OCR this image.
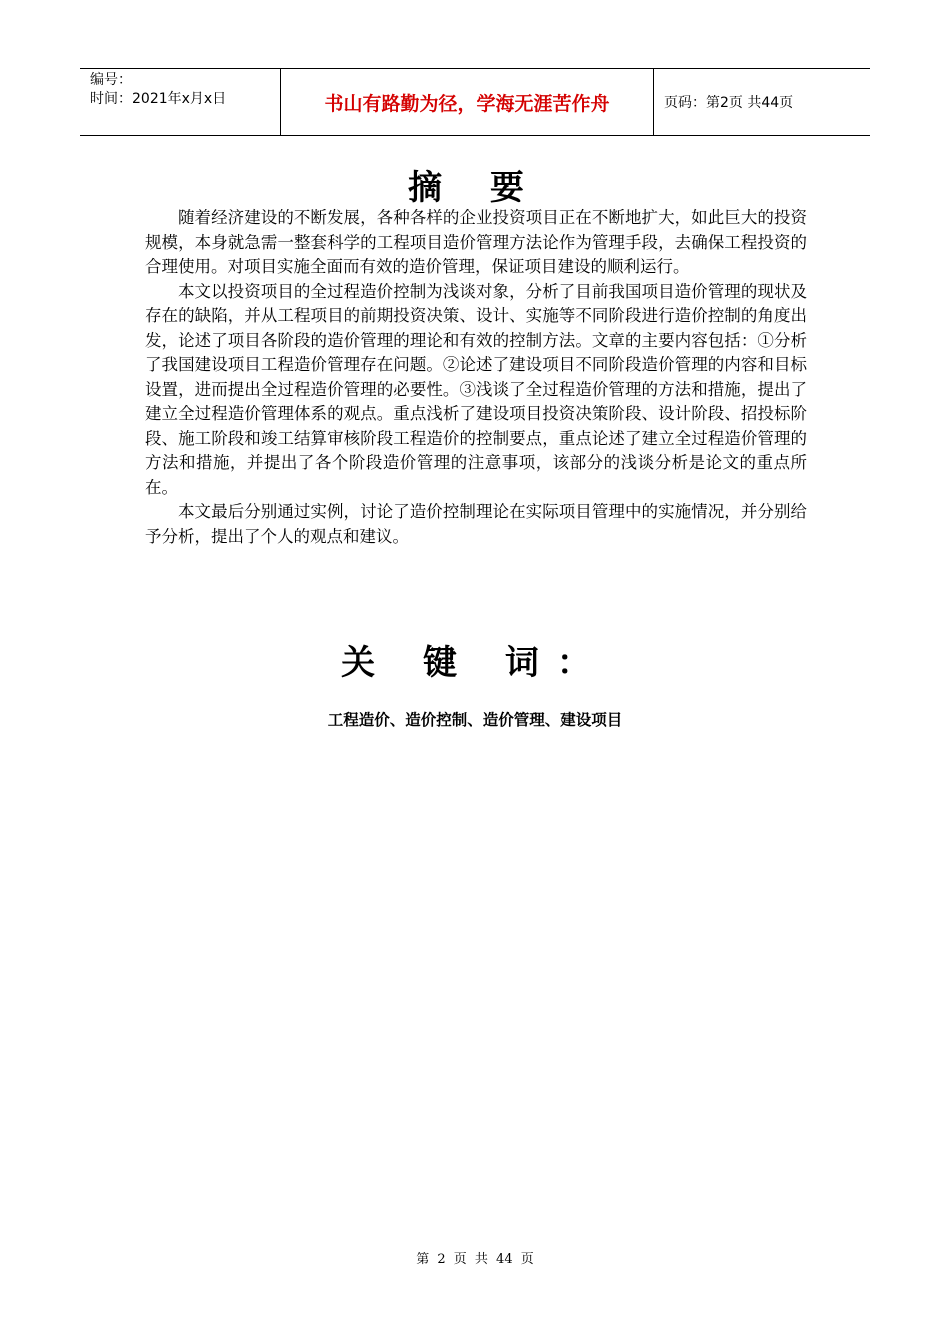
编号：
时间：2021年x月x日	书山有路勤为径，学海无涯苦作舟	页码：第2页 共44页
摘 要

随着经济建设的不断发展，各种各样的企业投资项目正在不断地扩大，如此巨大的投资规模，本身就急需一整套科学的工程项目造价管理方法论作为管理手段，去确保工程投资的合理使用。对项目实施全面而有效的造价管理，保证项目建设的顺利运行。

本文以投资项目的全过程造价控制为浅谈对象，分析了目前我国项目造价管理的现状及存在的缺陷，并从工程项目的前期投资决策、设计、实施等不同阶段进行造价控制的角度出发，论述了项目各阶段的造价管理的理论和有效的控制方法。文章的主要内容包括：①分析了我国建设项目工程造价管理存在问题。②论述了建设项目不同阶段造价管理的内容和目标设置，进而提出全过程造价管理的必要性。③浅谈了全过程造价管理的方法和措施，提出了建立全过程造价管理体系的观点。重点浅析了建设项目投资决策阶段、设计阶段、招投标阶段、施工阶段和竣工结算审核阶段工程造价的控制要点，重点论述了建立全过程造价管理的方法和措施，并提出了各个阶段造价管理的注意事项，该部分的浅谈分析是论文的重点所在。

本文最后分别通过实例，讨论了造价控制理论在实际项目管理中的实施情况，并分别给予分析，提出了个人的观点和建议。

关 键 词：
工程造价、造价控制、造价管理、建设项目
第 2 页 共 44 页
